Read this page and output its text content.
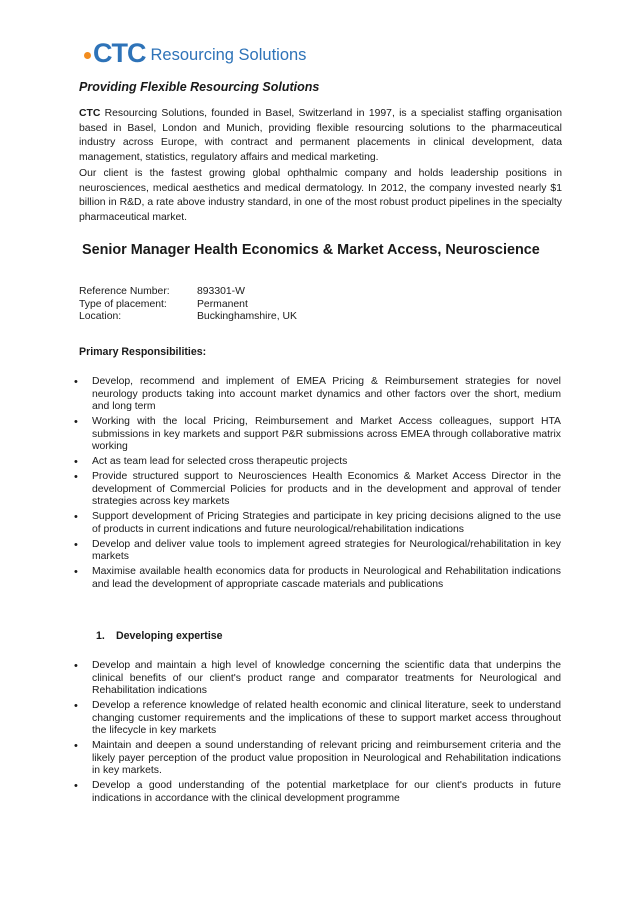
CTC Resourcing Solutions
Providing Flexible Resourcing Solutions
CTC Resourcing Solutions, founded in Basel, Switzerland in 1997, is a specialist staffing organisation based in Basel, London and Munich, providing flexible resourcing solutions to the pharmaceutical industry across Europe, with contract and permanent placements in clinical development, data management, statistics, regulatory affairs and medical marketing.
Our client is the fastest growing global ophthalmic company and holds leadership positions in neurosciences, medical aesthetics and medical dermatology. In 2012, the company invested nearly $1 billion in R&D, a rate above industry standard, in one of the most robust product pipelines in the specialty pharmaceutical market.
Senior Manager Health Economics & Market Access, Neuroscience
Reference Number:	893301-W
Type of placement:	Permanent
Location:	Buckinghamshire, UK
Primary Responsibilities:
• Develop, recommend and implement of EMEA Pricing & Reimbursement strategies for novel neurology products taking into account market dynamics and other factors over the short, medium and long term
• Working with the local Pricing, Reimbursement and Market Access colleagues, support HTA submissions in key markets and support P&R submissions across EMEA through collaborative matrix working
• Act as team lead for selected cross therapeutic projects
• Provide structured support to Neurosciences Health Economics & Market Access Director in the development of Commercial Policies for products and in the development and approval of tender strategies across key markets
• Support development of Pricing Strategies and participate in key pricing decisions aligned to the use of products in current indications and future neurological/rehabilitation indications
• Develop and deliver value tools to implement agreed strategies for Neurological/rehabilitation in key markets
• Maximise available health economics data for products in Neurological and Rehabilitation indications and lead the development of appropriate cascade materials and publications
1. Developing expertise
• Develop and maintain a high level of knowledge concerning the scientific data that underpins the clinical benefits of our client's product range and comparator treatments for Neurological and Rehabilitation indications
• Develop a reference knowledge of related health economic and clinical literature, seek to understand changing customer requirements and the implications of these to support market access throughout the lifecycle in key markets
• Maintain and deepen a sound understanding of relevant pricing and reimbursement criteria and the likely payer perception of the product value proposition in Neurological and Rehabilitation indications in key markets.
• Develop a good understanding of the potential marketplace for our client's products in future indications in accordance with the clinical development programme
